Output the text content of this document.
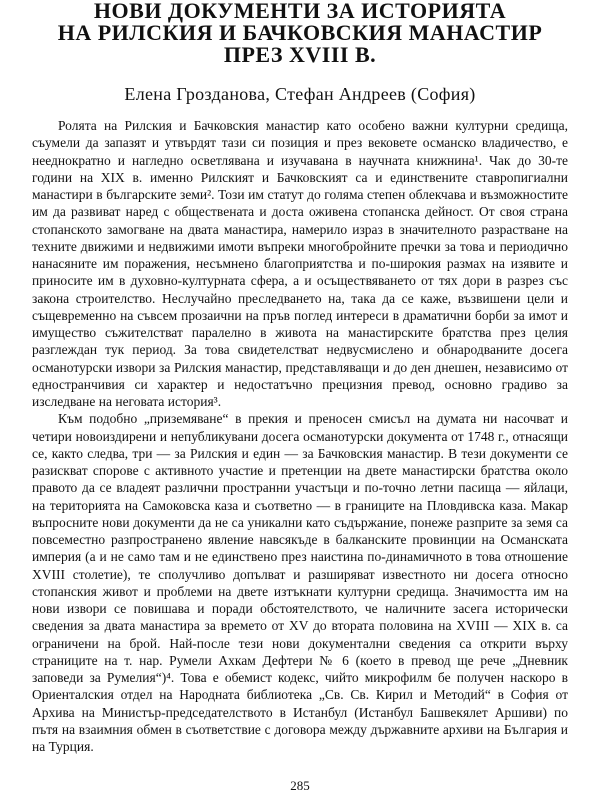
НОВИ ДОКУМЕНТИ ЗА ИСТОРИЯТА
НА РИЛСКИЯ И БАЧКОВСКИЯ МАНАСТИР
ПРЕЗ XVIII В.
Елена Грозданова, Стефан Андреев (София)

Ролята на Рилския и Бачковския манастир като особено важни културни средища, съумели да запазят и утвърдят тази си позиция и през вековете османско владичество, е нееднократно и нагледно осветлявана и изучавана в научната книжнина¹. Чак до 30-те години на XIX в. именно Рилският и Бачковският са и единствените ставропигиални манастири в българските земи². Този им статут до голяма степен облекчава и възможностите им да развиват наред с обществената и доста оживена стопанска дейност. От своя страна стопанското замогване на двата манастира, намерило израз в значителното разрастване на техните движими и недвижими имоти въпреки многобройните пречки за това и периодично нанасяните им поражения, несъмнено благоприятства и по-широкия размах на изявите и приносите им в духовно-културната сфера, а и осъществяването от тях дори в разрез със закона строителство. Неслучайно преследването на, така да се каже, възвишени цели и същевременно на съвсем прозаични на пръв поглед интереси в драматични борби за имот и имущество съжителстват паралелно в живота на манастирските братства през целия разглеждан тук период. За това свидетелстват недвусмислено и обнародваните досега османотурски извори за Рилския манастир, представляващи и до ден днешен, независимо от едностранчивия си характер и недостатъчно прецизния превод, основно градиво за изследване на неговата история³.

Към подобно „приземяване“ в прекия и преносен смисъл на думата ни насочват и четири новоиздирени и непубликувани досега османотурски документа от 1748 г., отнасящи се, както следва, три — за Рилския и един — за Бачковския манастир. В тези документи се разискват спорове с активното участие и претенции на двете манастирски братства около правото да се владеят различни пространни участъци и по-точно летни пасища — яйлаци, на територията на Самоковска каза и съответно — в границите на Пловдивска каза. Макар въпросните нови документи да не са уникални като съдържание, понеже разприте за земя са повсеместно разпространено явление навсякъде в балканските провинции на Османската империя (а и не само там и не единствено през наистина по-динамичното в това отношение XVIII столетие), те сполучливо допълват и разширяват известното ни досега относно стопанския живот и проблеми на двете изтъкнати културни средища. Значимостта им на нови извори се повишава и поради обстоятелството, че наличните засега исторически сведения за двата манастира за времето от XV до втората половина на XVIII — XIX в. са ограничени на брой. Най-после тези нови документални сведения са открити върху страниците на т. нар. Румели Ахкам Дефтери № 6 (което в превод ще рече „Дневник заповеди за Румелия“)⁴. Това е обемист кодекс, чийто микрофилм бе получен наскоро в Ориенталския отдел на Народната библиотека „Св. Св. Кирил и Методий“ в София от Архива на Министър-председателството в Истанбул (Истанбул Башвекялет Аршиви) по пътя на взаимния обмен в съответствие с договора между държавните архиви на България и на Турция.

285
